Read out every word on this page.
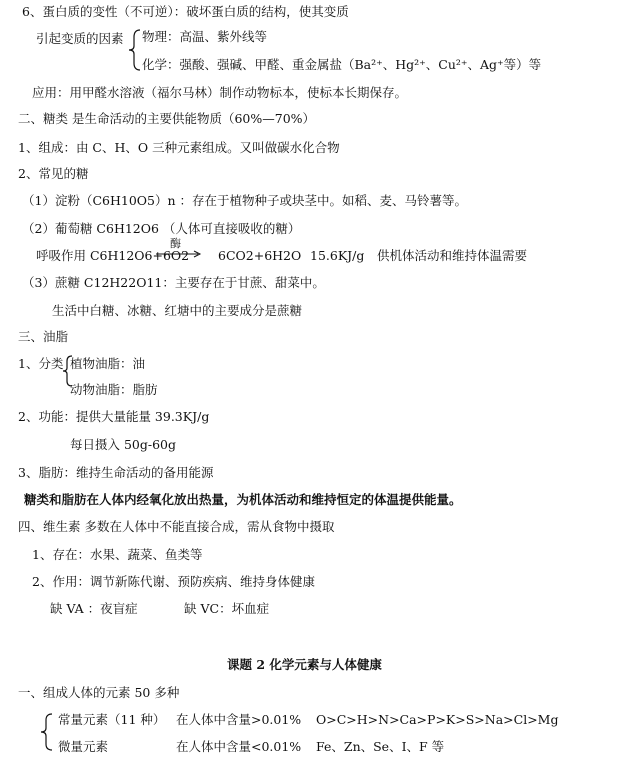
6、蛋白质的变性（不可逆）：破坏蛋白质的结构，使其变质
引起变质的因素 物理：高温、紫外线等
化学：强酸、强碱、甲醛、重金属盐（Ba²⁺、Hg²⁺、Cu²⁺、Ag⁺等）等
应用：用甲醛水溶液（福尔马林）制作动物标本，使标本长期保存。
二、糖类 是生命活动的主要供能物质（60%—70%）
1、组成：由 C、H、O 三种元素组成。又叫做碳水化合物
2、常见的糖
（1）淀粉（C6H10O5）n ：存在于植物种子或块茎中。如稻、麦、马铃薯等。
（2）葡萄糖 C6H12O6 （人体可直接吸收的糖）
呼吸作用 C6H12O6+6O2
酶
→ 6CO2+6H2O 15.6KJ/g 供机体活动和维持体温需要
（3）蔗糖 C12H22O11：主要存在于甘蔗、甜菜中。
生活中白糖、冰糖、红塘中的主要成分是蔗糖
三、油脂
1、分类 植物油脂：油
动物油脂：脂肪
2、功能：提供大量能量 39.3KJ/g
每日摄入 50g-60g
3、脂肪：维持生命活动的备用能源
糖类和脂肪在人体内经氧化放出热量，为机体活动和维持恒定的体温提供能量。
四、维生素 多数在人体中不能直接合成，需从食物中摄取
1、存在：水果、蔬菜、鱼类等
2、作用：调节新陈代谢、预防疾病、维持身体健康
缺 VA ：夜盲症	缺 VC：坏血症
课题 2 化学元素与人体健康
一、组成人体的元素 50 多种
常量元素（11 种） 在人体中含量>0.01% O>C>H>N>Ca>P>K>S>Na>Cl>Mg
微量元素	在人体中含量<0.01% Fe、Zn、Se、I、F 等
